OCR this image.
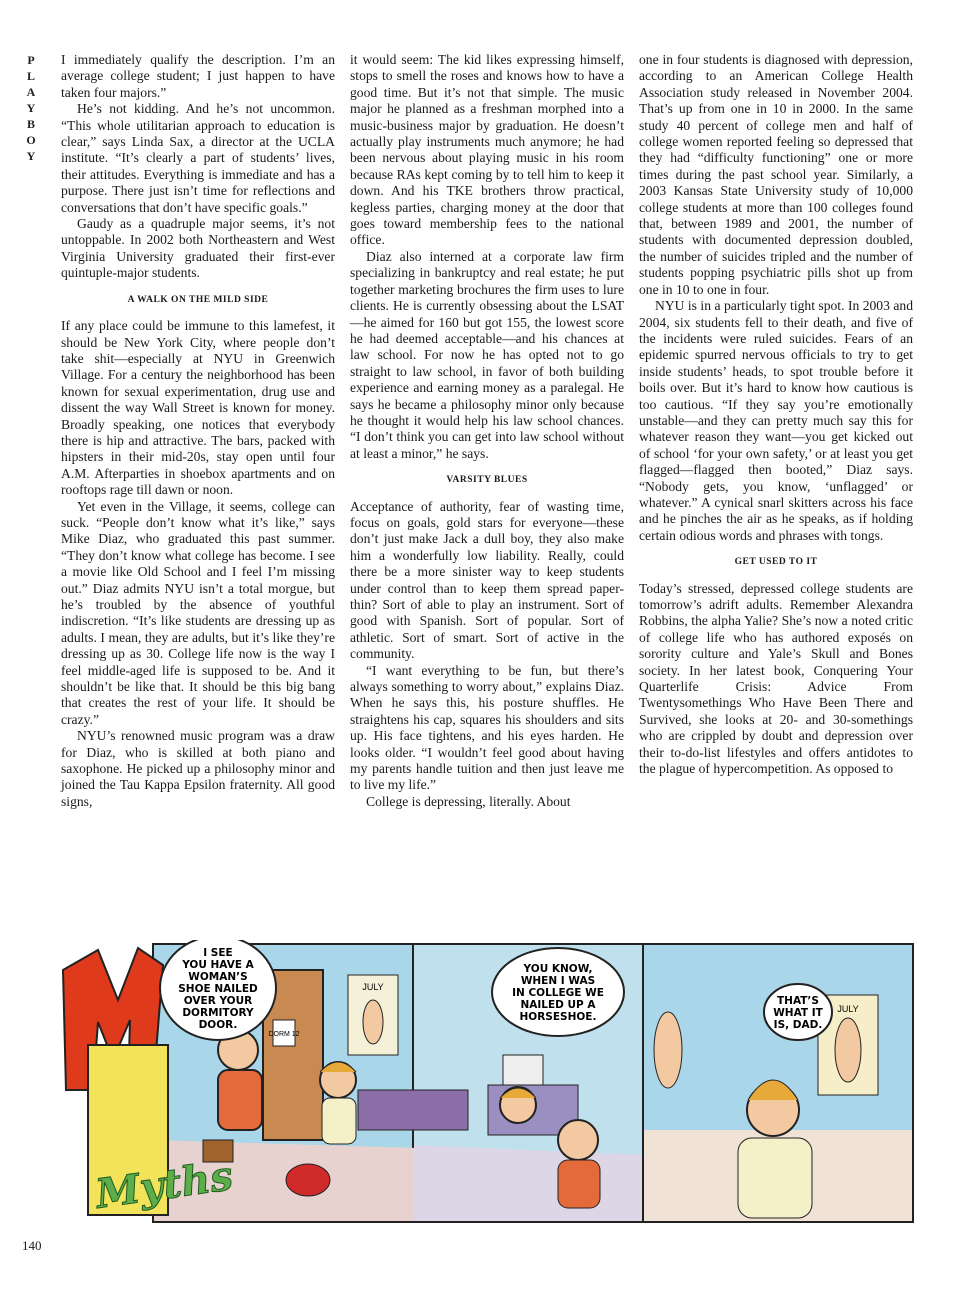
P
L
A
Y
B
O
Y

I immediately qualify the description. I’m an average college student; I just happen to have taken four majors.”

He’s not kidding. And he’s not uncommon. “This whole utilitarian approach to education is clear,” says Linda Sax, a director at the UCLA institute. “It’s clearly a part of students’ lives, their attitudes. Everything is immediate and has a purpose. There just isn’t time for reflections and conversations that don’t have specific goals.”

Gaudy as a quadruple major seems, it’s not untoppable. In 2002 both Northeastern and West Virginia University graduated their first-ever quintuple-major students.

A WALK ON THE MILD SIDE

If any place could be immune to this lamefest, it should be New York City, where people don’t take shit—especially at NYU in Greenwich Village. For a century the neighborhood has been known for sexual experimentation, drug use and dissent the way Wall Street is known for money. Broadly speaking, one notices that everybody there is hip and attractive. The bars, packed with hipsters in their mid-20s, stay open until four A.M. Afterparties in shoebox apartments and on rooftops rage till dawn or noon.

Yet even in the Village, it seems, college can suck. “People don’t know what it’s like,” says Mike Diaz, who graduated this past summer. “They don’t know what college has become. I see a movie like Old School and I feel I’m missing out.” Diaz admits NYU isn’t a total morgue, but he’s troubled by the absence of youthful indiscretion. “It’s like students are dressing up as adults. I mean, they are adults, but it’s like they’re dressing up as 30. College life now is the way I feel middle-aged life is supposed to be. And it shouldn’t be like that. It should be this big bang that creates the rest of your life. It should be crazy.”

NYU’s renowned music program was a draw for Diaz, who is skilled at both piano and saxophone. He picked up a philosophy minor and joined the Tau Kappa Epsilon fraternity. All good signs,

it would seem: The kid likes expressing himself, stops to smell the roses and knows how to have a good time. But it’s not that simple. The music major he planned as a freshman morphed into a music-business major by graduation. He doesn’t actually play instruments much anymore; he had been nervous about playing music in his room because RAs kept coming by to tell him to keep it down. And his TKE brothers throw practical, kegless parties, charging money at the door that goes toward membership fees to the national office.

Diaz also interned at a corporate law firm specializing in bankruptcy and real estate; he put together marketing brochures the firm uses to lure clients. He is currently obsessing about the LSAT—he aimed for 160 but got 155, the lowest score he had deemed acceptable—and his chances at law school. For now he has opted not to go straight to law school, in favor of both building experience and earning money as a paralegal. He says he became a philosophy minor only because he thought it would help his law school chances. “I don’t think you can get into law school without at least a minor,” he says.

VARSITY BLUES

Acceptance of authority, fear of wasting time, focus on goals, gold stars for everyone—these don’t just make Jack a dull boy, they also make him a wonderfully low liability. Really, could there be a more sinister way to keep students under control than to keep them spread paper-thin? Sort of able to play an instrument. Sort of good with Spanish. Sort of popular. Sort of athletic. Sort of smart. Sort of active in the community.

“I want everything to be fun, but there’s always something to worry about,” explains Diaz. When he says this, his posture shuffles. He straightens his cap, squares his shoulders and sits up. His face tightens, and his eyes harden. He looks older. “I wouldn’t feel good about having my parents handle tuition and then just leave me to live my life.”

College is depressing, literally. About

one in four students is diagnosed with depression, according to an American College Health Association study released in November 2004. That’s up from one in 10 in 2000. In the same study 40 percent of college men and half of college women reported feeling so depressed that they had “difficulty functioning” one or more times during the past school year. Similarly, a 2003 Kansas State University study of 10,000 college students at more than 100 colleges found that, between 1989 and 2001, the number of students with documented depression doubled, the number of suicides tripled and the number of students popping psychiatric pills shot up from one in 10 to one in four.

NYU is in a particularly tight spot. In 2003 and 2004, six students fell to their death, and five of the incidents were ruled suicides. Fears of an epidemic spurred nervous officials to try to get inside students’ heads, to spot trouble before it boils over. But it’s hard to know how cautious is too cautious. “If they say you’re emotionally unstable—and they can pretty much say this for whatever reason they want—you get kicked out of school ‘for your own safety,’ or at least you get flagged—flagged then booted,” Diaz says. “Nobody gets, you know, ‘unflagged’ or whatever.” A cynical snarl skitters across his face and he pinches the air as he speaks, as if holding certain odious words and phrases with tongs.

GET USED TO IT

Today’s stressed, depressed college students are tomorrow’s adrift adults. Remember Alexandra Robbins, the alpha Yalie? She’s now a noted critic of college life who has authored exposés on sorority culture and Yale’s Skull and Bones society. In her latest book, Conquering Your Quarterlife Crisis: Advice From Twentysomethings Who Have Been There and Survived, she looks at 20- and 30-somethings who are crippled by doubt and depression over their to-do-list lifestyles and offers antidotes to the plague of hypercompetition. As opposed to

DORM 12
JULY
JULY
Myths
I SEE YOU HAVE A WOMAN’S SHOE NAILED OVER YOUR DORMITORY DOOR.
YOU KNOW, WHEN I WAS IN COLLEGE WE NAILED UP A HORSESHOE.
THAT’S WHAT IT IS, DAD.
140
